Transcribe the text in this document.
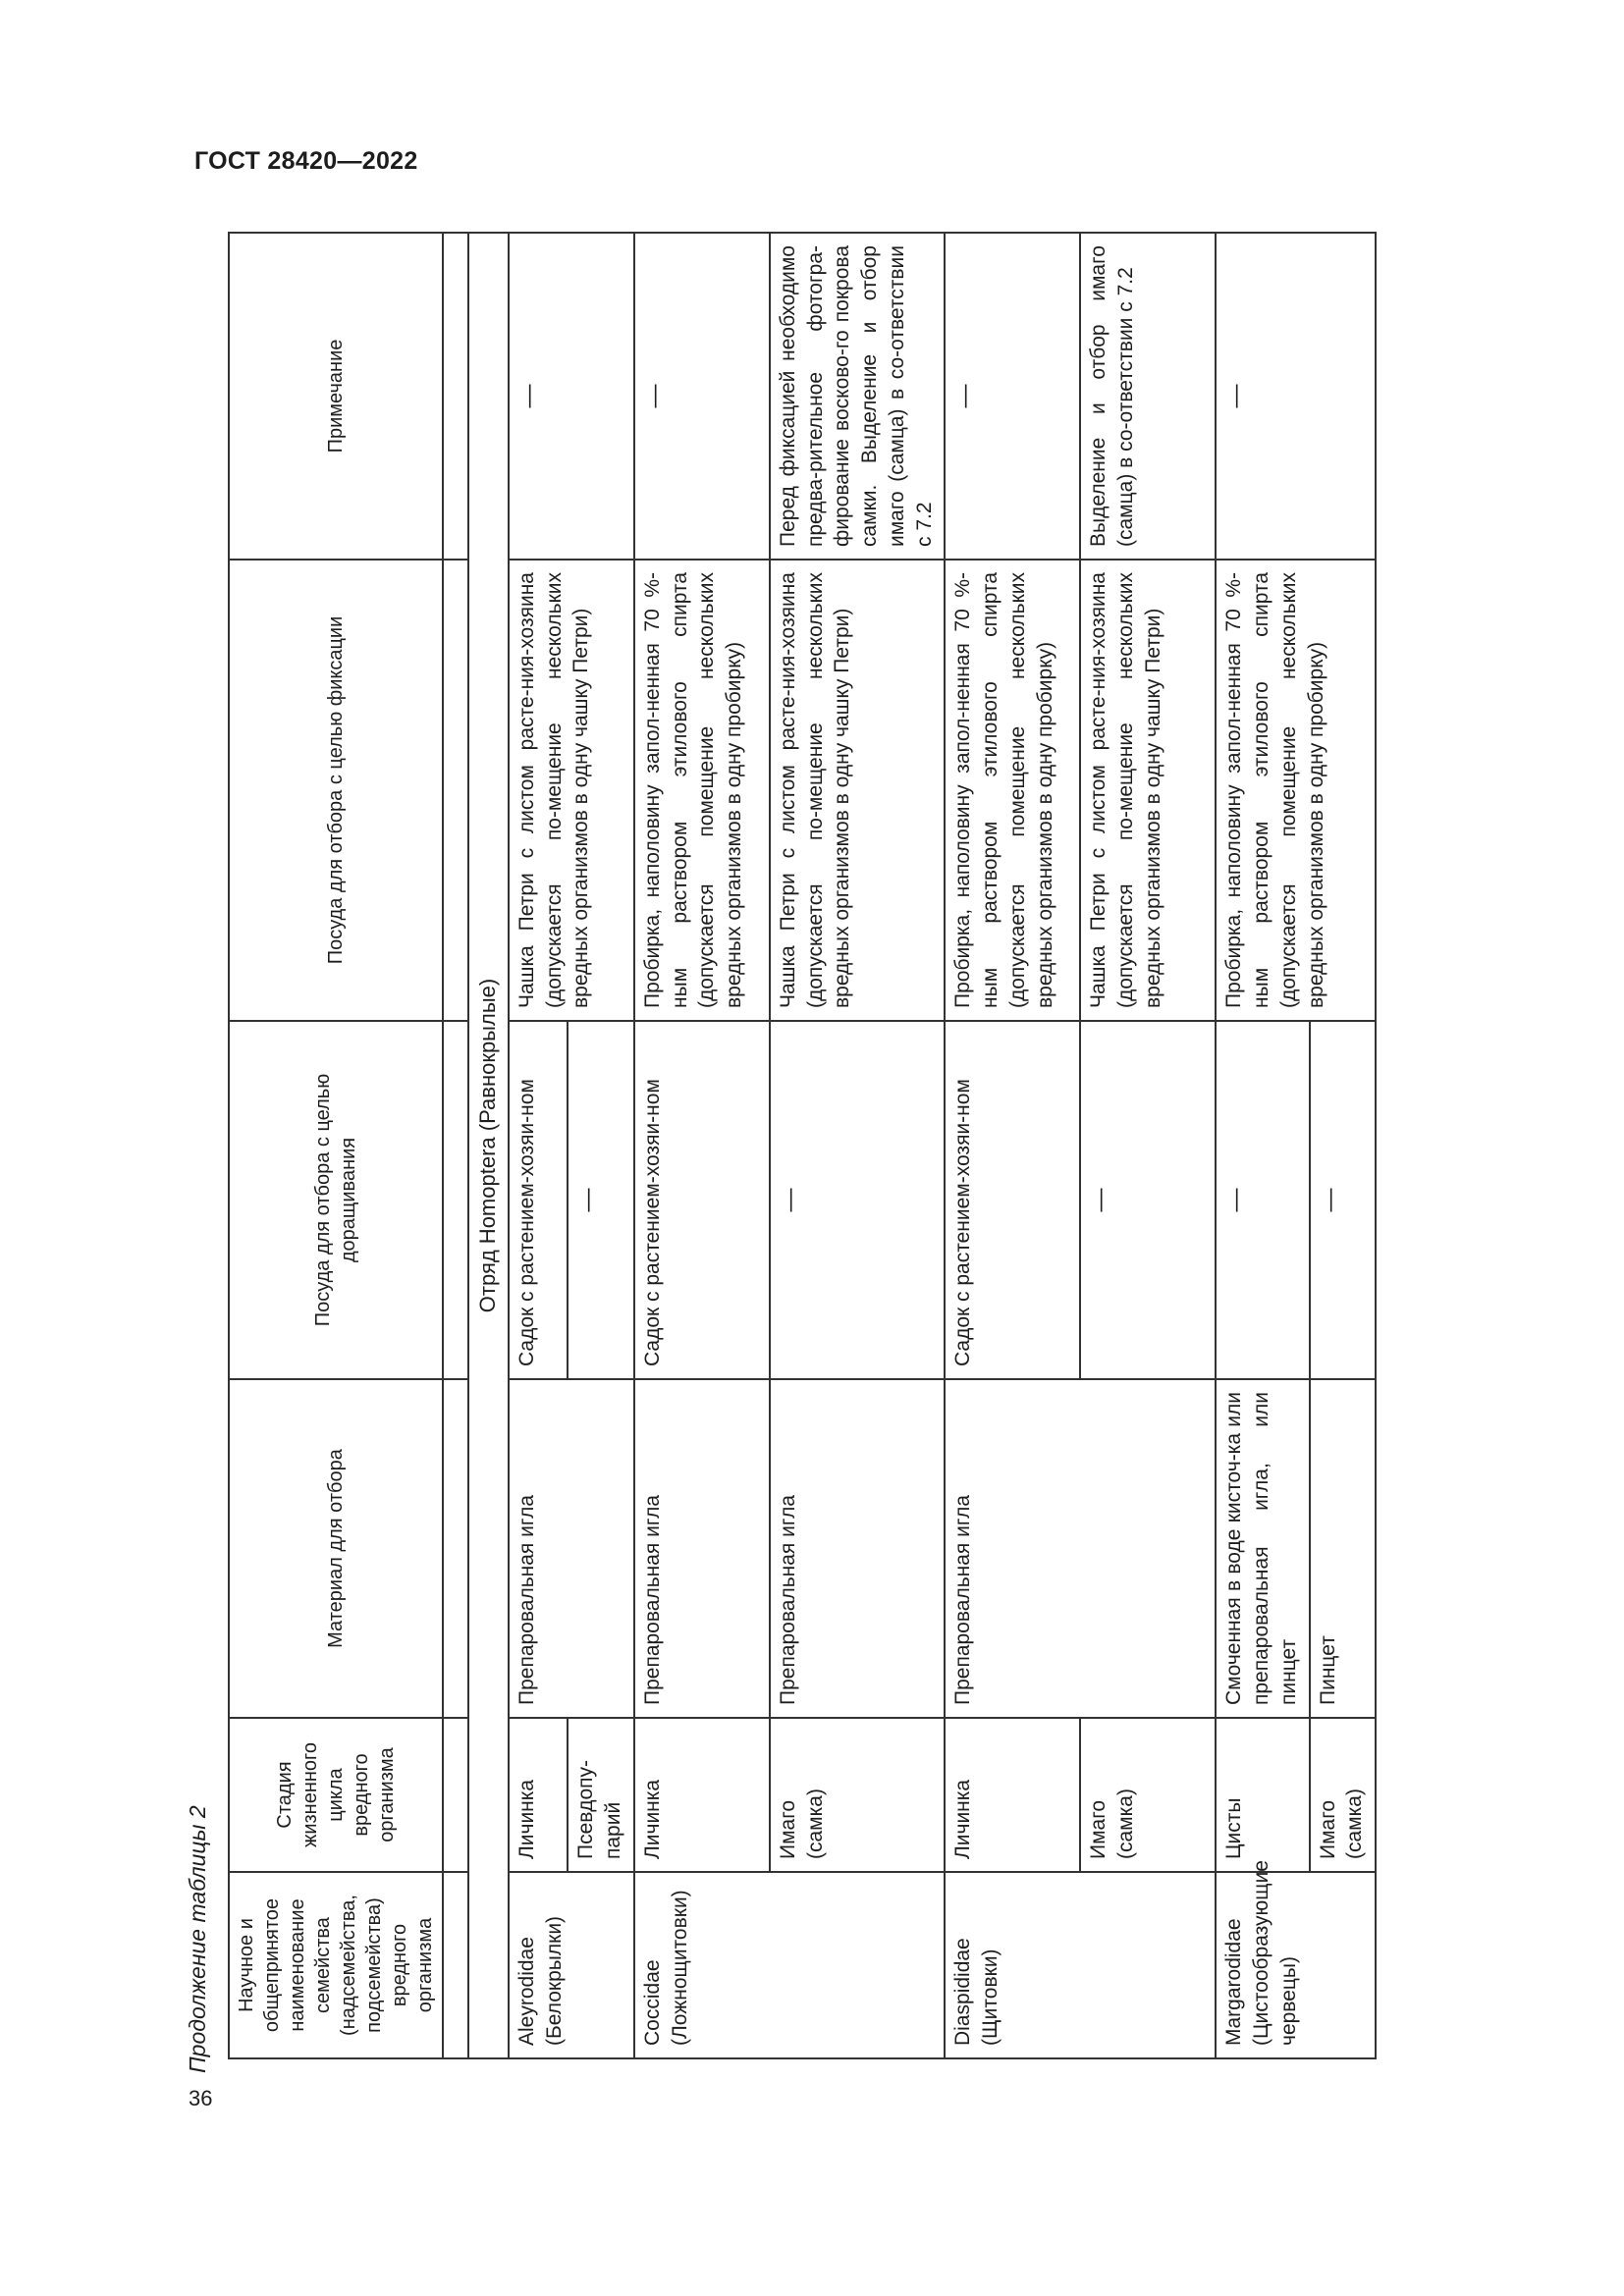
ГОСТ 28420—2022
36
Продолжение таблицы 2 Научное и общепринятое наименование семейства (надсемейства, подсемейства) вредного организма	Стадия жизненного цикла вредного организма	Материал для отбора	Посуда для отбора с целью доращивания	Посуда для отбора с целью фиксации	Примечание

Отряд Homoptera (Равнокрылые)					
Aleyrodidae (Белокрылки)	Личинка	Препаровальная игла	Садок с растением-хозяи-ном	Чашка Петри с листом расте-ния-хозяина (допускается по-мещение нескольких вредных организмов в одну чашку Петри)	—
	Псевдопу-парий		—		
Coccidae (Ложнощитовки)	Личинка	Препаровальная игла	Садок с растением-хозяи-ном	Пробирка, наполовину запол-ненная 70 %-ным раствором этилового спирта (допускается помещение нескольких вредных организмов в одну пробирку)	—
	Имаго (самка)	Препаровальная игла	—	Чашка Петри с листом расте-ния-хозяина (допускается по-мещение нескольких вредных организмов в одну чашку Петри)	Перед фиксацией необходимо предва-рительное фотогра-фирование восково-го покрова самки. Выделение и отбор имаго (самца) в со-ответствии с 7.2
Diaspididae (Щитовки)	Личинка	Препаровальная игла	Садок с растением-хозяи-ном	Пробирка, наполовину запол-ненная 70 %-ным раствором этилового спирта (допускается помещение нескольких вредных организмов в одну пробирку)	—
	Имаго (самка)		—	Чашка Петри с листом расте-ния-хозяина (допускается по-мещение нескольких вредных организмов в одну чашку Петри)	Выделение и отбор имаго (самца) в со-ответствии с 7.2
Margarodidae (Цистообразующие червецы)	Цисты	Смоченная в воде кисточ-ка или препаровальная игла, или пинцет	—	Пробирка, наполовину запол-ненная 70 %-ным раствором этилового спирта (допускается помещение нескольких вредных организмов в одну пробирку)	—
	Имаго (самка)	Пинцет	—		
